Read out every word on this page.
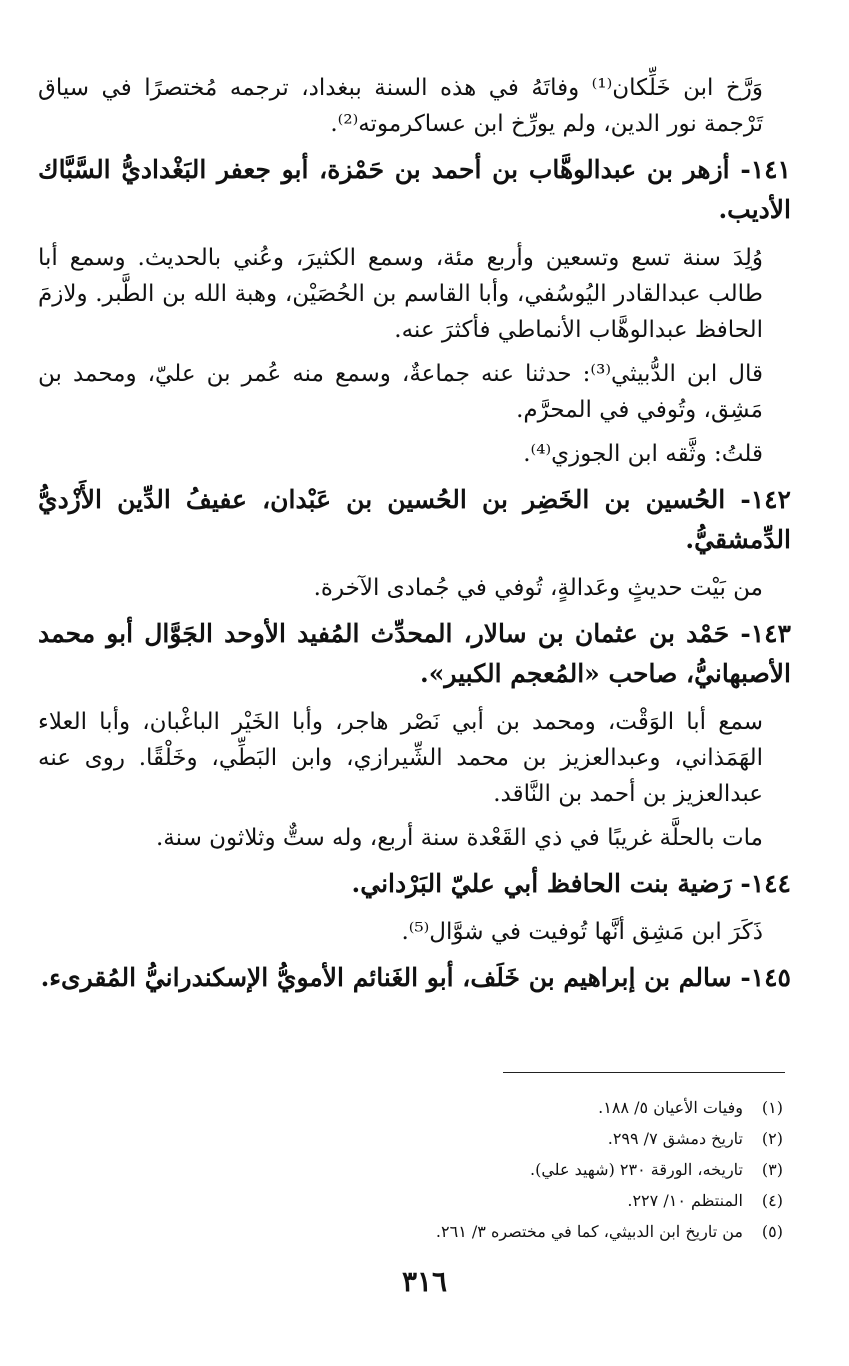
وَرَّخ ابن خَلِّكان⁽¹⁾ وفاتَهُ في هذه السنة ببغداد، ترجمه مُختصرًا في سياق تَرْجمة نور الدين، ولم يورِّخ ابن عساكرموته⁽²⁾.

١٤١- أزهر بن عبدالوهَّاب بن أحمد بن حَمْزة، أبو جعفر البَغْداديُّ السَّبَّاك الأديب.

وُلِدَ سنة تسع وتسعين وأربع مئة، وسمع الكثيرَ، وعُني بالحديث. وسمع أبا طالب عبدالقادر اليُوسُفي، وأبا القاسم بن الحُصَيْن، وهبة الله بن الطَّبر. ولازمَ الحافظ عبدالوهَّاب الأنماطي فأكثرَ عنه.

قال ابن الدُّبيثي⁽³⁾: حدثنا عنه جماعةٌ، وسمع منه عُمر بن عليّ، ومحمد بن مَشِق، وتُوفي في المحرَّم.

قلتُ: وثَّقه ابن الجوزي⁽⁴⁾.

١٤٢- الحُسين بن الخَضِر بن الحُسين بن عَبْدان، عفيفُ الدِّين الأَزْديُّ الدِّمشقيُّ.

من بَيْت حديثٍ وعَدالةٍ، تُوفي في جُمادى الآخرة.

١٤٣- حَمْد بن عثمان بن سالار، المحدِّث المُفيد الأوحد الجَوَّال أبو محمد الأصبهانيُّ، صاحب «المُعجم الكبير».

سمع أبا الوَقْت، ومحمد بن أبي نَصْر هاجر، وأبا الخَيْر الباغْبان، وأبا العلاء الهَمَذاني، وعبدالعزيز بن محمد الشِّيرازي، وابن البَطِّي، وخَلْقًا. روى عنه عبدالعزيز بن أحمد بن النَّاقد.

مات بالحلَّة غريبًا في ذي القَعْدة سنة أربع، وله ستٌّ وثلاثون سنة.

١٤٤- رَضية بنت الحافظ أبي عليّ البَرْداني.

ذَكَرَ ابن مَشِق أنَّها تُوفيت في شوَّال⁽⁵⁾.

١٤٥- سالم بن إبراهيم بن خَلَف، أبو الغَنائم الأمويُّ الإسكندرانيُّ المُقرىء.

(١)وفيات الأعيان ٥/ ١٨٨.

(٢)تاريخ دمشق ٧/ ٢٩٩.

(٣)تاريخه، الورقة ٢٣٠ (شهيد علي).

(٤)المنتظم ١٠/ ٢٢٧.

(٥)من تاريخ ابن الدبيثي، كما في مختصره ٣/ ٢٦١.

٣١٦
